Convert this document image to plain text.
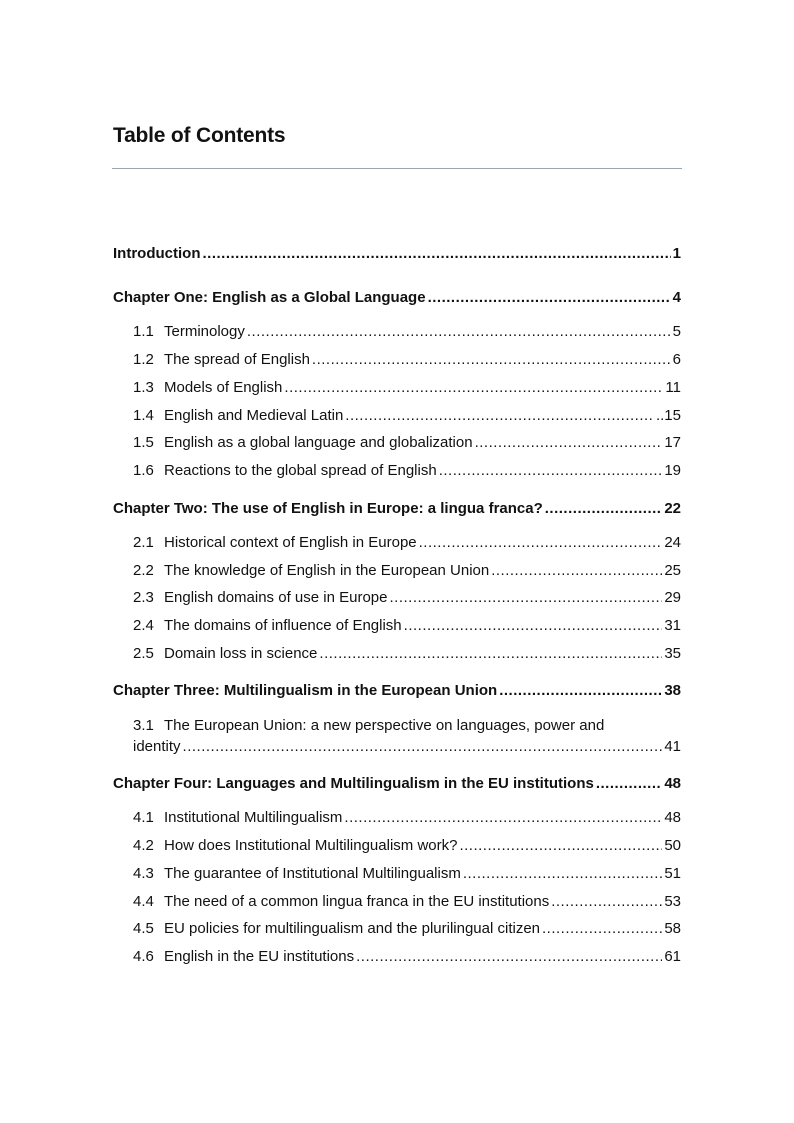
Table of Contents
Introduction .....	1
Chapter One: English as a Global Language .....	4
1.1 Terminology .....	5
1.2 The spread of English .....	6
1.3 Models of English .....	11
1.4 English and Medieval Latin .....	..15
1.5 English as a global language and globalization .....	17
1.6 Reactions to the global spread of English .....	19
Chapter Two: The use of English in Europe: a lingua franca? .....	22
2.1 Historical context of English in Europe .....	24
2.2 The knowledge of English in the European Union .....	25
2.3 English domains of use in Europe .....	29
2.4 The domains of influence of English .....	31
2.5 Domain loss in science .....	35
Chapter Three: Multilingualism in the European Union .....	38
3.1 The European Union: a new perspective on languages, power and
identity .....	41
Chapter Four: Languages and Multilingualism in the EU institutions .....	48
4.1 Institutional Multilingualism .....	48
4.2 How does Institutional Multilingualism work? .....	50
4.3 The guarantee of Institutional Multilingualism .....	51
4.4 The need of a common lingua franca in the EU institutions .....	53
4.5 EU policies for multilingualism and the plurilingual citizen .....	58
4.6 English in the EU institutions .....	61
